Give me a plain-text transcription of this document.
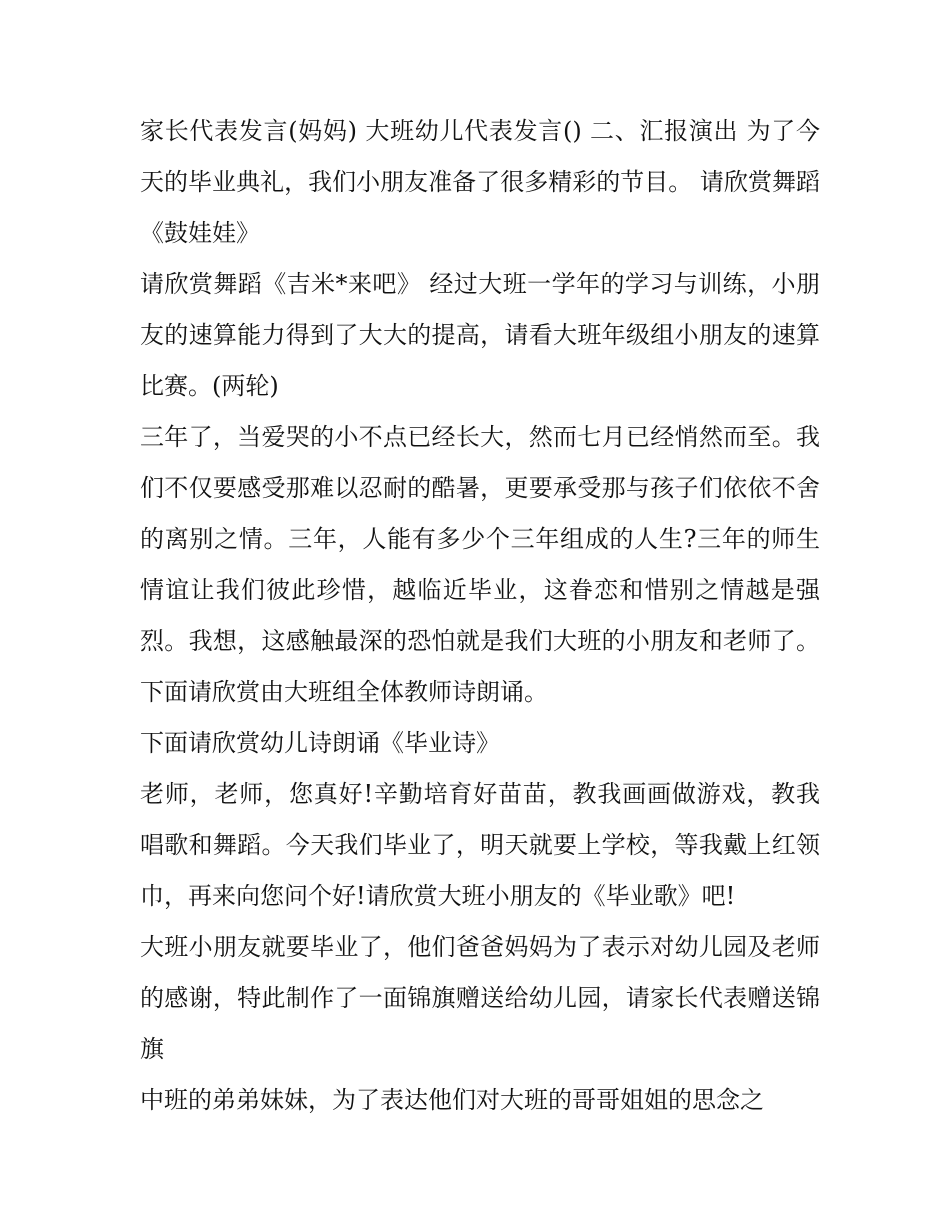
家长代表发言(妈妈) 大班幼儿代表发言() 二、汇报演出 为了今天的毕业典礼，我们小朋友准备了很多精彩的节目。 请欣赏舞蹈《鼓娃娃》

请欣赏舞蹈《吉米*来吧》 经过大班一学年的学习与训练，小朋友的速算能力得到了大大的提高，请看大班年级组小朋友的速算比赛。(两轮)

三年了，当爱哭的小不点已经长大，然而七月已经悄然而至。我们不仅要感受那难以忍耐的酷暑，更要承受那与孩子们依依不舍的离别之情。三年，人能有多少个三年组成的人生?三年的师生情谊让我们彼此珍惜，越临近毕业，这眷恋和惜别之情越是强烈。我想，这感触最深的恐怕就是我们大班的小朋友和老师了。下面请欣赏由大班组全体教师诗朗诵。

下面请欣赏幼儿诗朗诵《毕业诗》

老师，老师，您真好!辛勤培育好苗苗，教我画画做游戏，教我唱歌和舞蹈。今天我们毕业了，明天就要上学校，等我戴上红领巾，再来向您问个好!请欣赏大班小朋友的《毕业歌》吧!

大班小朋友就要毕业了，他们爸爸妈妈为了表示对幼儿园及老师的感谢，特此制作了一面锦旗赠送给幼儿园，请家长代表赠送锦旗

中班的弟弟妹妹，为了表达他们对大班的哥哥姐姐的思念之
